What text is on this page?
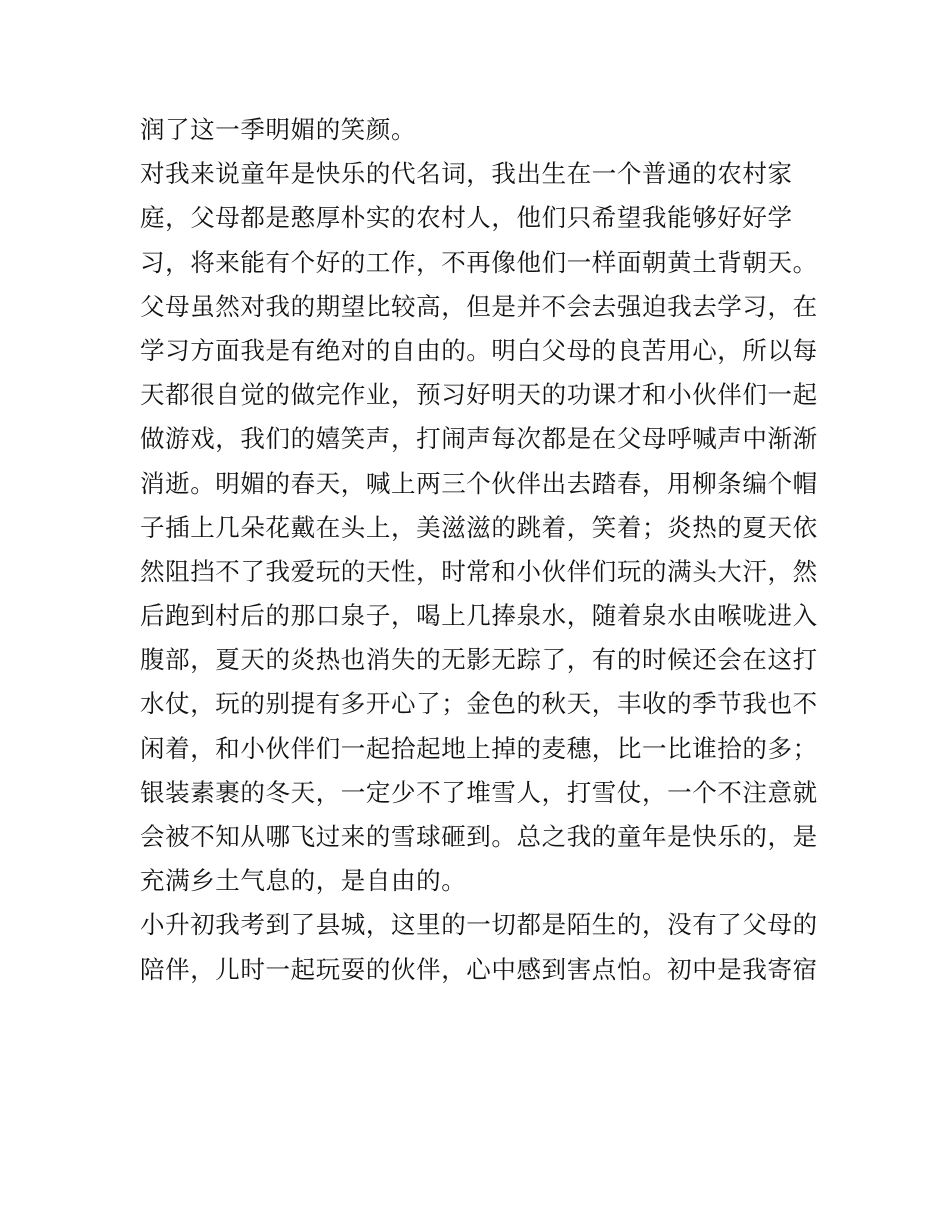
润了这一季明媚的笑颜。
对我来说童年是快乐的代名词，我出生在一个普通的农村家
庭，父母都是憨厚朴实的农村人，他们只希望我能够好好学
习，将来能有个好的工作，不再像他们一样面朝黄土背朝天。
父母虽然对我的期望比较高，但是并不会去强迫我去学习，在
学习方面我是有绝对的自由的。明白父母的良苦用心，所以每
天都很自觉的做完作业，预习好明天的功课才和小伙伴们一起
做游戏，我们的嬉笑声，打闹声每次都是在父母呼喊声中渐渐
消逝。明媚的春天，喊上两三个伙伴出去踏春，用柳条编个帽
子插上几朵花戴在头上，美滋滋的跳着，笑着；炎热的夏天依
然阻挡不了我爱玩的天性，时常和小伙伴们玩的满头大汗，然
后跑到村后的那口泉子，喝上几捧泉水，随着泉水由喉咙进入
腹部，夏天的炎热也消失的无影无踪了，有的时候还会在这打
水仗，玩的别提有多开心了；金色的秋天，丰收的季节我也不
闲着，和小伙伴们一起拾起地上掉的麦穗，比一比谁拾的多；
银装素裹的冬天，一定少不了堆雪人，打雪仗，一个不注意就
会被不知从哪飞过来的雪球砸到。总之我的童年是快乐的，是
充满乡土气息的，是自由的。
小升初我考到了县城，这里的一切都是陌生的，没有了父母的
陪伴，儿时一起玩耍的伙伴，心中感到害点怕。初中是我寄宿
